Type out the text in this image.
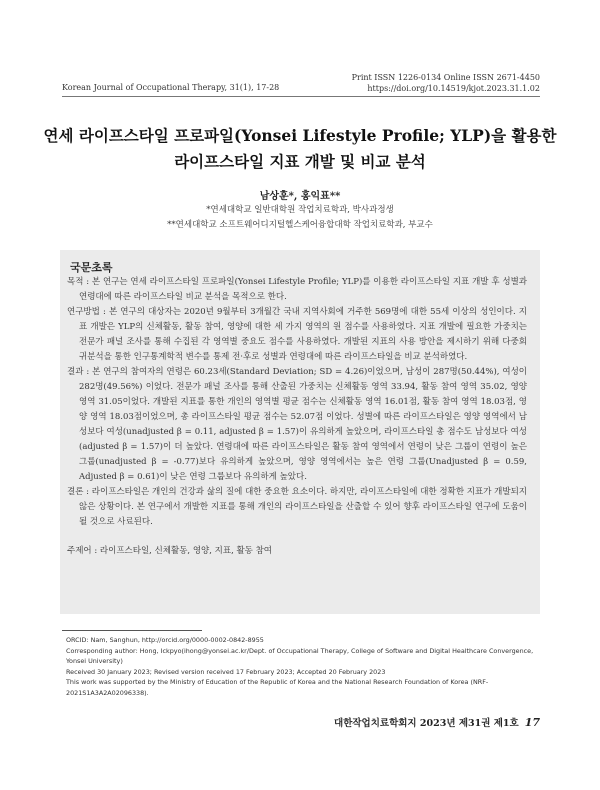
Print ISSN 1226-0134 Online ISSN 2671-4450
https://doi.org/10.14519/kjot.2023.31.1.02
Korean Journal of Occupational Therapy, 31(1), 17-28
연세 라이프스타일 프로파일(Yonsei Lifestyle Profile; YLP)을 활용한
라이프스타일 지표 개발 및 비교 분석
남상훈*, 홍익표**
*연세대학교 일반대학원 작업치료학과, 박사과정생
**연세대학교 소프트웨어디지털헬스케어융합대학 작업치료학과, 부교수
국문초록
목적 : 본 연구는 연세 라이프스타일 프로파일(Yonsei Lifestyle Profile; YLP)를 이용한 라이프스타일 지표 개발 후 성별과 연령대에 따른 라이프스타일 비교 분석을 목적으로 한다.
연구방법 : 본 연구의 대상자는 2020년 9월부터 3개월간 국내 지역사회에 거주한 569명에 대한 55세 이상의 성인이다. 지표 개발은 YLP의 신체활동, 활동 참여, 영양에 대한 세 가지 영역의 원 점수를 사용하였다. 지표 개발에 필요한 가중치는 전문가 패널 조사를 통해 수집된 각 영역별 중요도 점수를 사용하였다. 개발된 지표의 사용 방안을 제시하기 위해 다중회귀분석을 통한 인구통계학적 변수를 통제 전·후로 성별과 연령대에 따른 라이프스타일을 비교 분석하였다.
결과 : 본 연구의 참여자의 연령은 60.23세(Standard Deviation; SD = 4.26)이었으며, 남성이 287명(50.44%), 여성이 282명(49.56%) 이었다. 전문가 패널 조사를 통해 산출된 가중치는 신체활동 영역 33.94, 활동 참여 영역 35.02, 영양 영역 31.05이었다. 개발된 지표를 통한 개인의 영역별 평균 점수는 신체활동 영역 16.01점, 활동 참여 영역 18.03점, 영양 영역 18.03점이었으며, 총 라이프스타일 평균 점수는 52.07점 이었다. 성별에 따른 라이프스타일은 영양 영역에서 남성보다 여성(unadjusted β = 0.11, adjusted β = 1.57)이 유의하게 높았으며, 라이프스타일 총 점수도 남성보다 여성(adjusted β = 1.57)이 더 높았다. 연령대에 따른 라이프스타일은 활동 참여 영역에서 연령이 낮은 그룹이 연령이 높은 그룹(unadjusted β = -0.77)보다 유의하게 높았으며, 영양 영역에서는 높은 연령 그룹(Unadjusted β = 0.59, Adjusted β = 0.61)이 낮은 연령 그룹보다 유의하게 높았다.
결론 : 라이프스타일은 개인의 건강과 삶의 질에 대한 중요한 요소이다. 하지만, 라이프스타일에 대한 정확한 지표가 개발되지 않은 상황이다. 본 연구에서 개발한 지표를 통해 개인의 라이프스타일을 산출할 수 있어 향후 라이프스타일 연구에 도움이 될 것으로 사료된다.
주제어 : 라이프스타일, 신체활동, 영양, 지표, 활동 참여
ORCID: Nam, Sanghun, http://orcid.org/0000-0002-0842-8955
Corresponding author: Hong, Ickpyo(ihong@yonsei.ac.kr/Dept. of Occupational Therapy, College of Software and Digital Healthcare Convergence, Yonsei University)
Received 30 January 2023; Revised version received 17 February 2023; Accepted 20 February 2023
This work was supported by the Ministry of Education of the Republic of Korea and the National Research Foundation of Korea (NRF-2021S1A3A2A02096338).
대한작업치료학회지 2023년 제31권 제1호 17
